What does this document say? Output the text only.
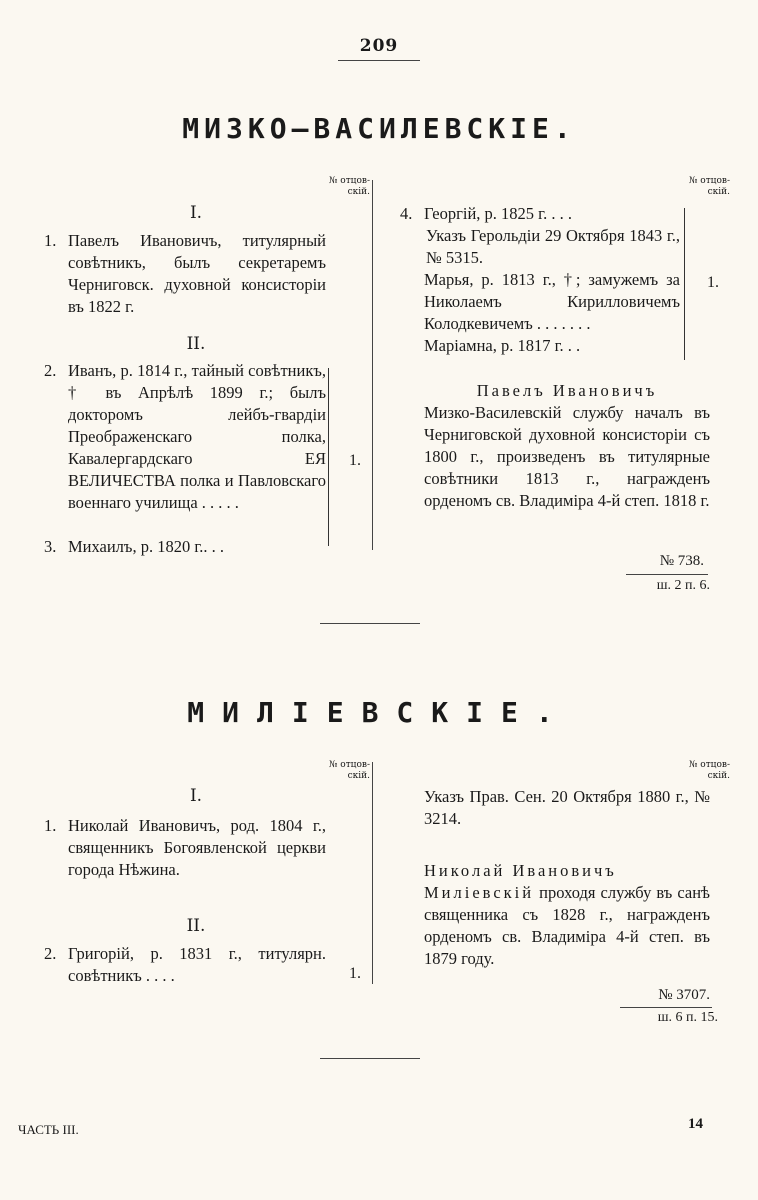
209
МИЗКО—ВАСИЛЕВСКІЕ.
№ отцов-
скій.
I.
1. Павелъ Ивановичъ, титулярный совѣтникъ, былъ секретаремъ Черниговск. духовной консисторіи въ 1822 г.
II.
2. Иванъ, р. 1814 г., тайный совѣтникъ, † въ Апрѣлѣ 1899 г.; былъ докторомъ лейбъ-гвардіи Преображенскаго полка, Кавалергардскаго ЕЯ ВЕЛИЧЕСТВА полка и Павловскаго военнаго училища . . . . .
3. Михаилъ, р. 1820 г.. . .
1.
№ отцов-
скій.
4. Георгій, р. 1825 г. . . .
Указъ Герольдіи 29 Октября 1843 г., № 5315.
Марья, р. 1813 г., †; замужемъ за Николаемъ Кирилловичемъ Колодкевичемъ . . . . . . .
Маріамна, р. 1817 г. . .
1.
Павелъ Ивановичъ
Мизко-Василевскій службу началъ въ Черниговской духовной консисторіи съ 1800 г., произведенъ въ титулярные совѣтники 1813 г., награжденъ орденомъ св. Владиміра 4-й степ. 1818 г.
№ 738.
ш. 2 п. 6.
МИЛІЕВСКІЕ.
№ отцов-
скій.
I.
1. Николай Ивановичъ, род. 1804 г., священникъ Богоявленской церкви города Нѣжина.
II.
2. Григорій, р. 1831 г., титулярн. совѣтникъ . . . .	1.
№ отцов-
скій.
Указъ Прав. Сен. 20 Октября 1880 г., № 3214.
Николай Ивановичъ
Миліевскій проходя службу въ санѣ священника съ 1828 г., награжденъ орденомъ св. Владиміра 4-й степ. въ 1879 году.
№ 3707.
ш. 6 п. 15.
ЧАСТЬ III.	14
